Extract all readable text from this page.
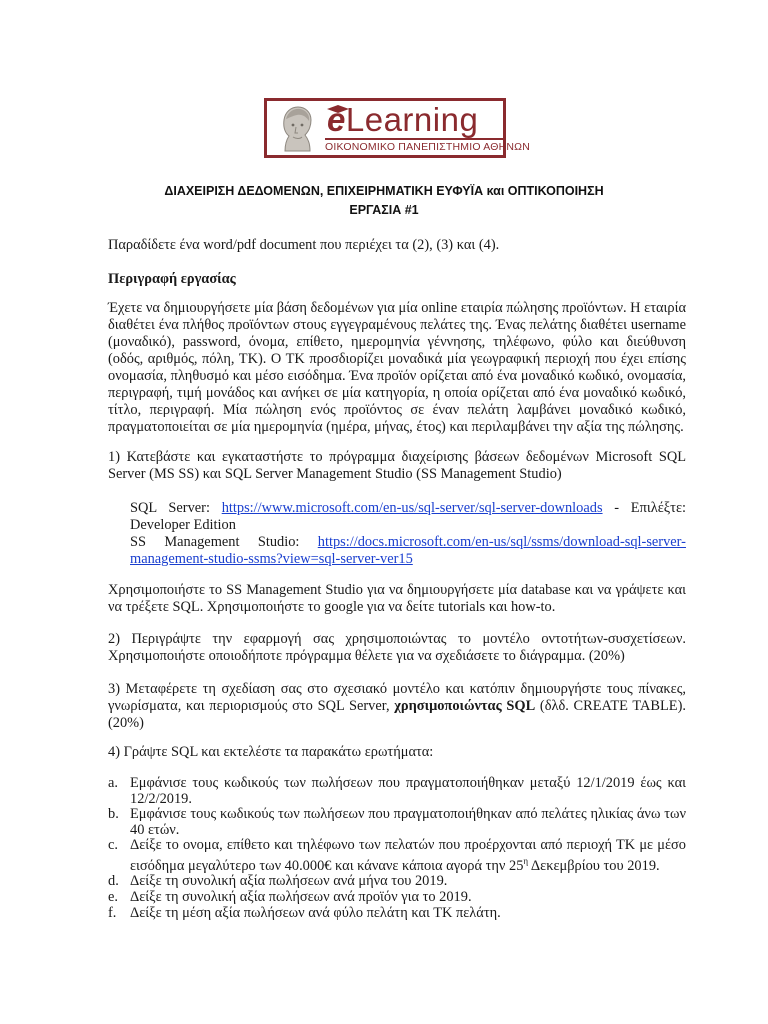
eLearning
ΟΙΚΟΝΟΜΙΚΟ ΠΑΝΕΠΙΣΤΗΜΙΟ ΑΘΗΝΩΝ
ΔΙΑΧΕΙΡΙΣΗ ΔΕΔΟΜΕΝΩΝ, ΕΠΙΧΕΙΡΗΜΑΤΙΚΗ ΕΥΦΥΪΑ και ΟΠΤΙΚΟΠΟΙΗΣΗ
ΕΡΓΑΣΙΑ #1
Παραδίδετε ένα word/pdf document που περιέχει τα (2), (3) και (4).
Περιγραφή εργασίας
Έχετε να δημιουργήσετε μία βάση δεδομένων για μία online εταιρία πώλησης προϊόντων. Η εταιρία διαθέτει ένα πλήθος προϊόντων στους εγγεγραμένους πελάτες της. Ένας πελάτης διαθέτει username (μοναδικό), password, όνομα, επίθετο, ημερομηνία γέννησης, τηλέφωνο, φύλο και διεύθυνση (οδός, αριθμός, πόλη, ΤΚ). Ο ΤΚ προσδιορίζει μοναδικά μία γεωγραφική περιοχή που έχει επίσης ονομασία, πληθυσμό και μέσο εισόδημα. Ένα προϊόν ορίζεται από ένα μοναδικό κωδικό, ονομασία, περιγραφή, τιμή μονάδος και ανήκει σε μία κατηγορία, η οποία ορίζεται από ένα μοναδικό κωδικό, τίτλο, περιγραφή. Μία πώληση ενός προϊόντος σε έναν πελάτη λαμβάνει μοναδικό κωδικό, πραγματοποιείται σε μία ημερομηνία (ημέρα, μήνας, έτος) και περιλαμβάνει την αξία της πώλησης.
1) Κατεβάστε και εγκαταστήστε το πρόγραμμα διαχείρισης βάσεων δεδομένων Microsoft SQL Server (MS SS) και SQL Server Management Studio (SS Management Studio)
SQL Server: https://www.microsoft.com/en-us/sql-server/sql-server-downloads - Επιλέξτε: Developer Edition
SS Management Studio: https://docs.microsoft.com/en-us/sql/ssms/download-sql-server-management-studio-ssms?view=sql-server-ver15
Χρησιμοποιήστε το SS Management Studio για να δημιουργήσετε μία database και να γράψετε και να τρέξετε SQL. Χρησιμοποιήστε το google για να δείτε tutorials και how-to.
2) Περιγράψτε την εφαρμογή σας χρησιμοποιώντας το μοντέλο οντοτήτων-συσχετίσεων. Χρησιμοποιήστε οποιοδήποτε πρόγραμμα θέλετε για να σχεδιάσετε το διάγραμμα. (20%)
3) Μεταφέρετε τη σχεδίαση σας στο σχεσιακό μοντέλο και κατόπιν δημιουργήστε τους πίνακες, γνωρίσματα, και περιορισμούς στο SQL Server, χρησιμοποιώντας SQL (δλδ. CREATE TABLE). (20%)
4) Γράψτε SQL και εκτελέστε τα παρακάτω ερωτήματα:
a. Εμφάνισε τους κωδικούς των πωλήσεων που πραγματοποιήθηκαν μεταξύ 12/1/2019 έως και 12/2/2019.
b. Εμφάνισε τους κωδικούς των πωλήσεων που πραγματοποιήθηκαν από πελάτες ηλικίας άνω των 40 ετών.
c. Δείξε το ονομα, επίθετο και τηλέφωνο των πελατών που προέρχονται από περιοχή ΤΚ με μέσο εισόδημα μεγαλύτερο των 40.000€ και κάνανε κάποια αγορά την $25^\eta$ Δεκεμβρίου του 2019.
d. Δείξε τη συνολική αξία πωλήσεων ανά μήνα του 2019.
e. Δείξε τη συνολική αξία πωλήσεων ανά προϊόν για το 2019.
f. Δείξε τη μέση αξία πωλήσεων ανά φύλο πελάτη και ΤΚ πελάτη.
